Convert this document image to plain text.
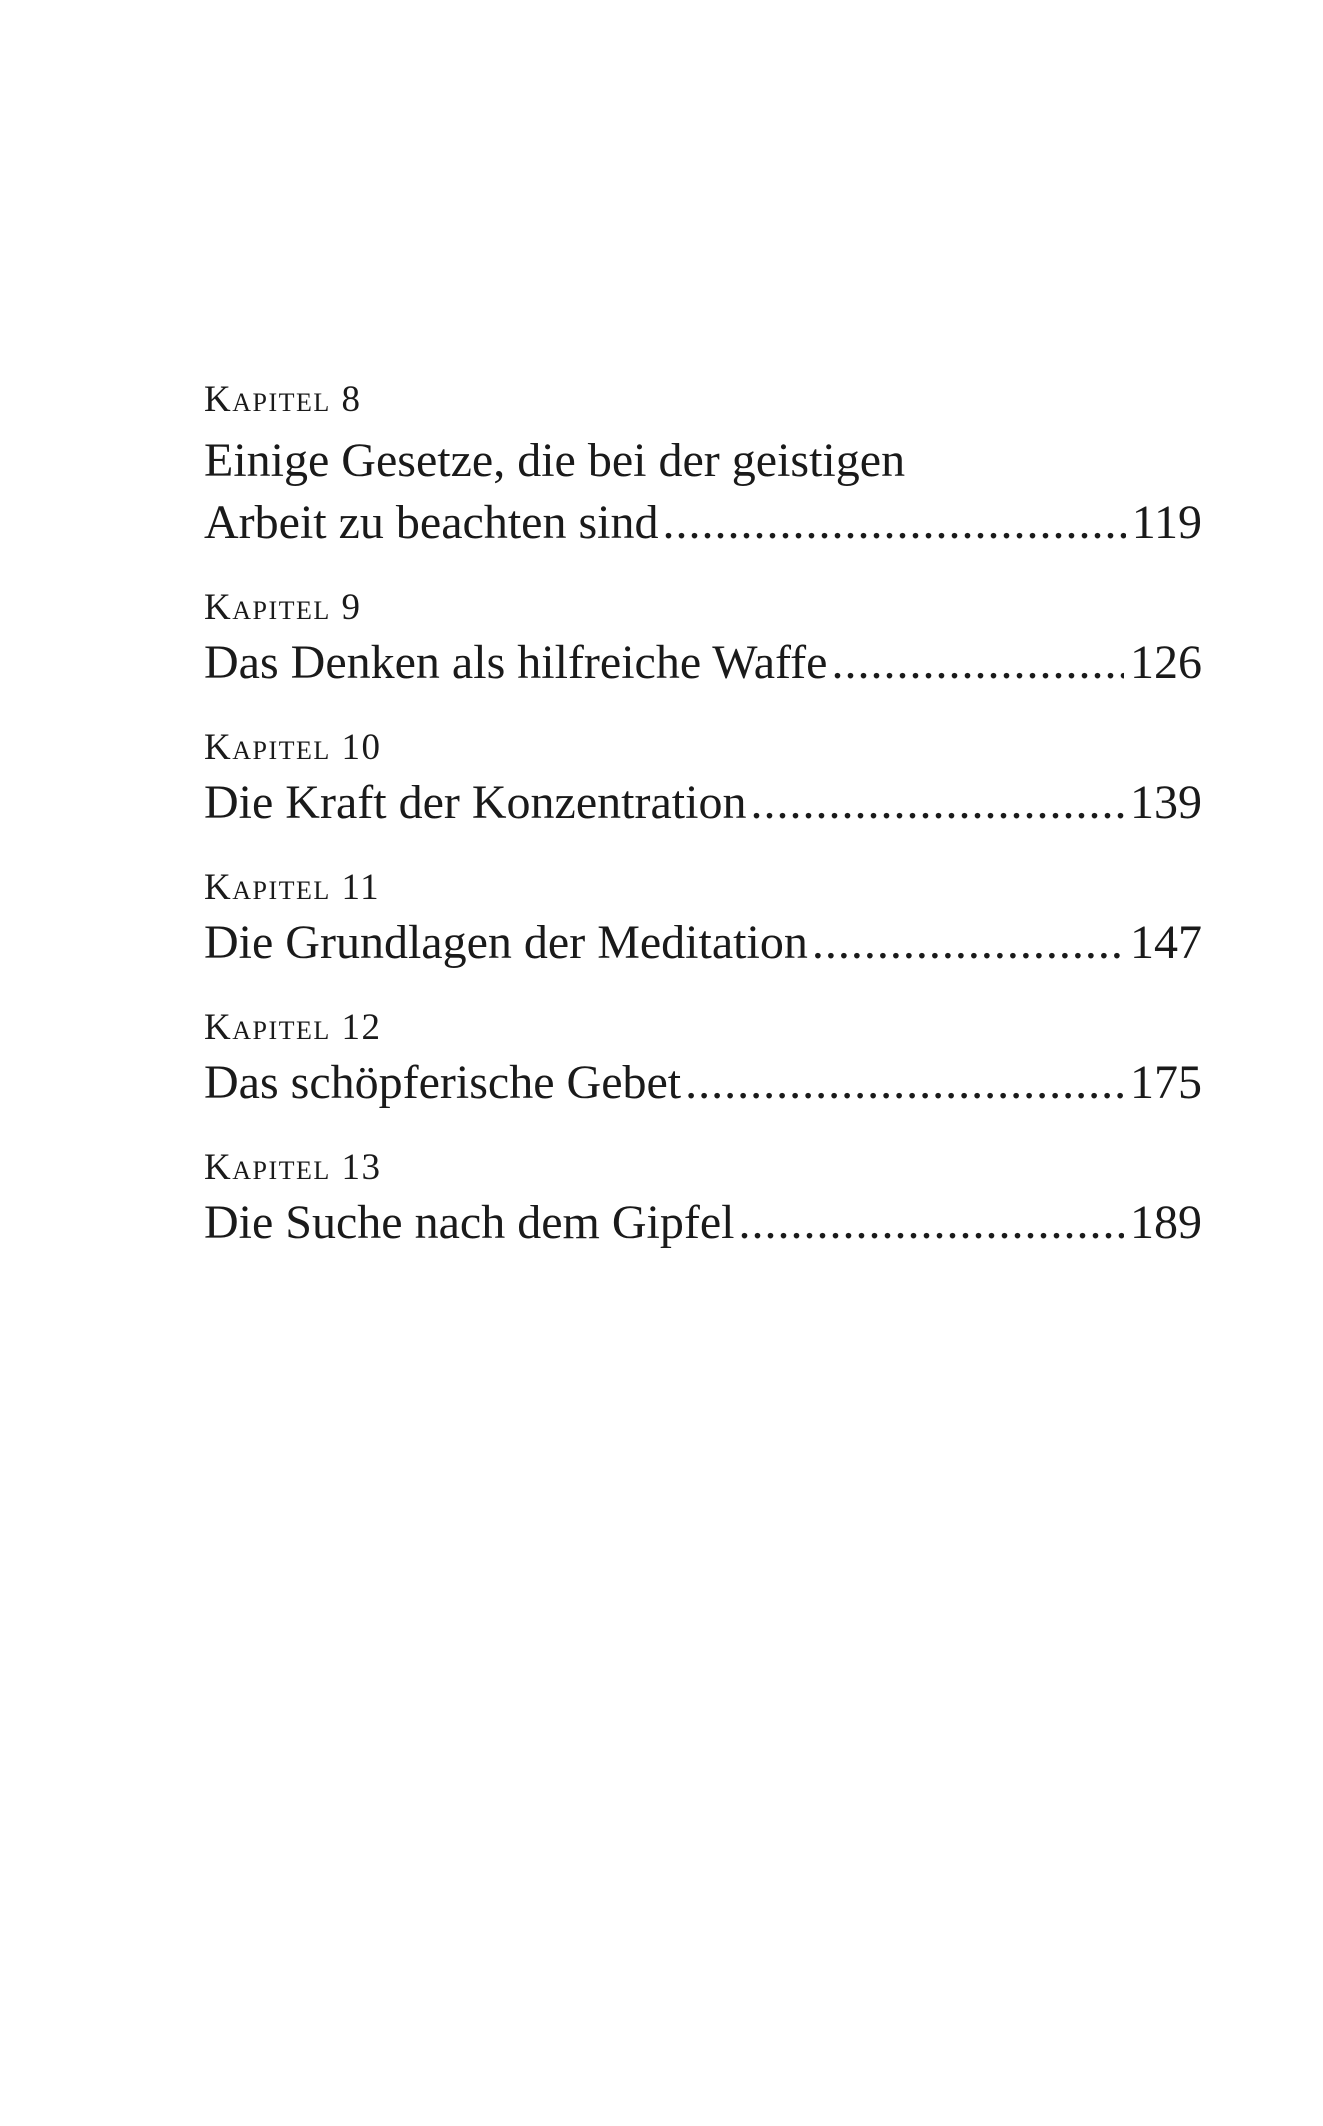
Kapitel 8
Einige Gesetze, die bei der geistigen
Arbeit zu beachten sind .....	119
Kapitel 9
Das Denken als hilfreiche Waffe .....	126
Kapitel 10
Die Kraft der Konzentration .....	139
Kapitel 11
Die Grundlagen der Meditation .....	147
Kapitel 12
Das schöpferische Gebet .....	175
Kapitel 13
Die Suche nach dem Gipfel .....	189
